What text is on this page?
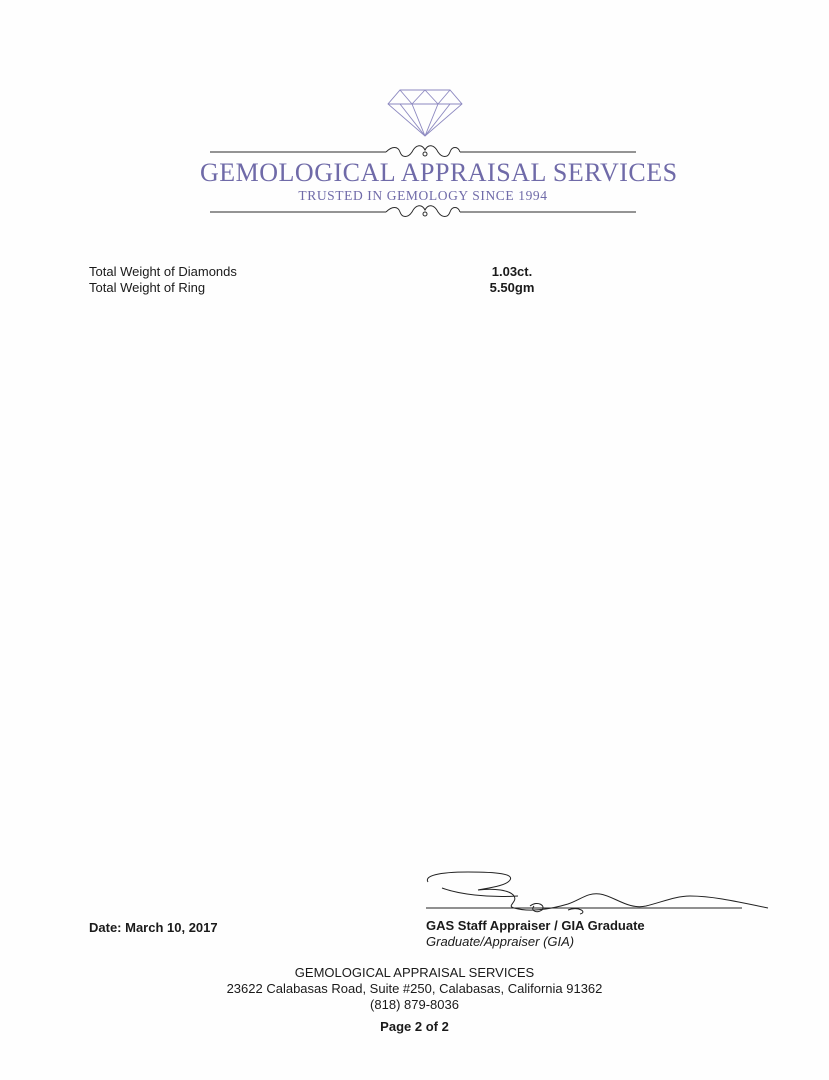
GEMOLOGICAL APPRAISAL SERVICES
TRUSTED IN GEMOLOGY SINCE 1994
Total Weight of Diamonds	1.03ct.
Total Weight of Ring	5.50gm
Date: March 10, 2017	GAS Staff Appraiser / GIA Graduate
Graduate/Appraiser (GIA)
GEMOLOGICAL APPRAISAL SERVICES
23622 Calabasas Road, Suite #250, Calabasas, California 91362
(818) 879-8036
Page 2 of 2
